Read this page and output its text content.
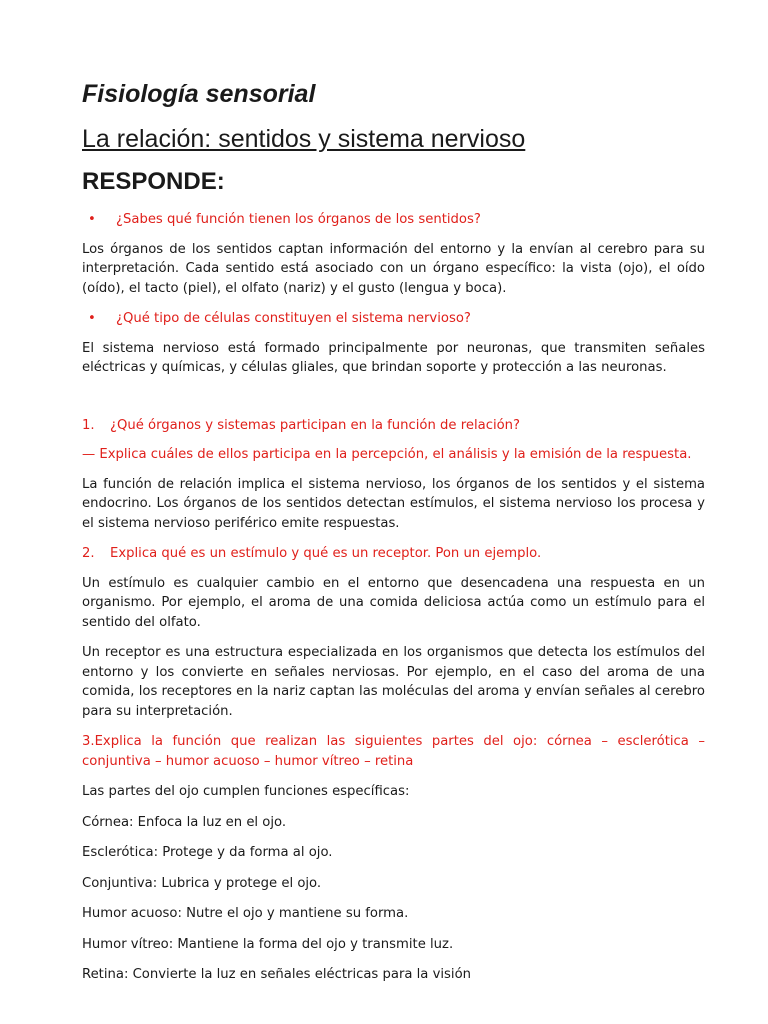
Fisiología sensorial
La relación: sentidos y sistema nervioso
RESPONDE:

•	¿Sabes qué función tienen los órganos de los sentidos?

Los órganos de los sentidos captan información del entorno y la envían al cerebro para su interpretación. Cada sentido está asociado con un órgano específico: la vista (ojo), el oído (oído), el tacto (piel), el olfato (nariz) y el gusto (lengua y boca).

•	¿Qué tipo de células constituyen el sistema nervioso?

El sistema nervioso está formado principalmente por neuronas, que transmiten señales eléctricas y químicas, y células gliales, que brindan soporte y protección a las neuronas.

1.	¿Qué órganos y sistemas participan en la función de relación?

— Explica cuáles de ellos participa en la percepción, el análisis y la emisión de la respuesta.

La función de relación implica el sistema nervioso, los órganos de los sentidos y el sistema endocrino. Los órganos de los sentidos detectan estímulos, el sistema nervioso los procesa y el sistema nervioso periférico emite respuestas.

2.	Explica qué es un estímulo y qué es un receptor. Pon un ejemplo.

Un estímulo es cualquier cambio en el entorno que desencadena una respuesta en un organismo. Por ejemplo, el aroma de una comida deliciosa actúa como un estímulo para el sentido del olfato.

Un receptor es una estructura especializada en los organismos que detecta los estímulos del entorno y los convierte en señales nerviosas. Por ejemplo, en el caso del aroma de una comida, los receptores en la nariz captan las moléculas del aroma y envían señales al cerebro para su interpretación.

3.Explica la función que realizan las siguientes partes del ojo: córnea – esclerótica – conjuntiva – humor acuoso – humor vítreo – retina

Las partes del ojo cumplen funciones específicas:

Córnea: Enfoca la luz en el ojo.

Esclerótica: Protege y da forma al ojo.

Conjuntiva: Lubrica y protege el ojo.

Humor acuoso: Nutre el ojo y mantiene su forma.

Humor vítreo: Mantiene la forma del ojo y transmite luz.

Retina: Convierte la luz en señales eléctricas para la visión
